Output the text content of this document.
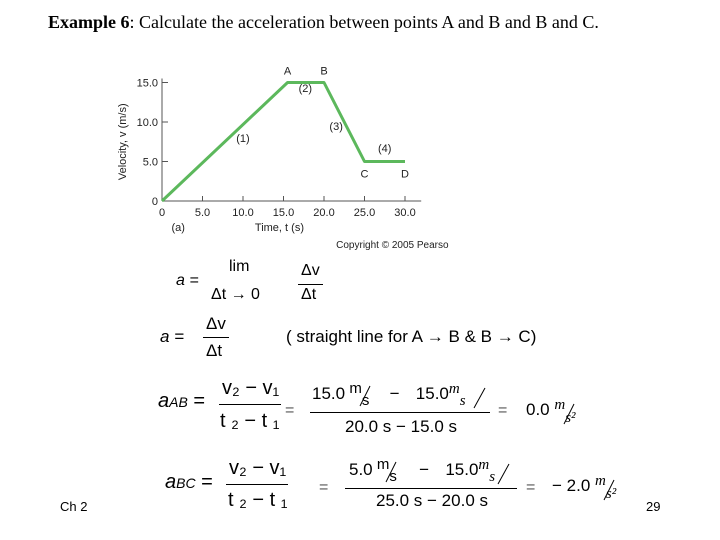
Example 6: Calculate the acceleration between points A and B and B and C.
0
5.0
10.0
15.0
0	5.0 10.0 15.0 20.0 25.0 30.0
Velocity, v (m/s)
Time, t (s)
(a)
Copyright © 2005 Pearso
A	B
C	D
(1)
(2)
(3)
(4)
a =
lim
Δt → 0
Δv
Δt
a =
Δv
Δt
( straight line for A → B & B → C)
aAB =
v₂ − v₁
t ₂ − t ₁ =
15.0 ms − 15.0ms
20.0 s − 15.0 s
= 0.0 ms²
aBC =
v₂ − v₁
t ₂ − t ₁
=
5.0 ms − 15.0ms
25.0 s − 20.0 s
= − 2.0 ms²
Ch 2	29
